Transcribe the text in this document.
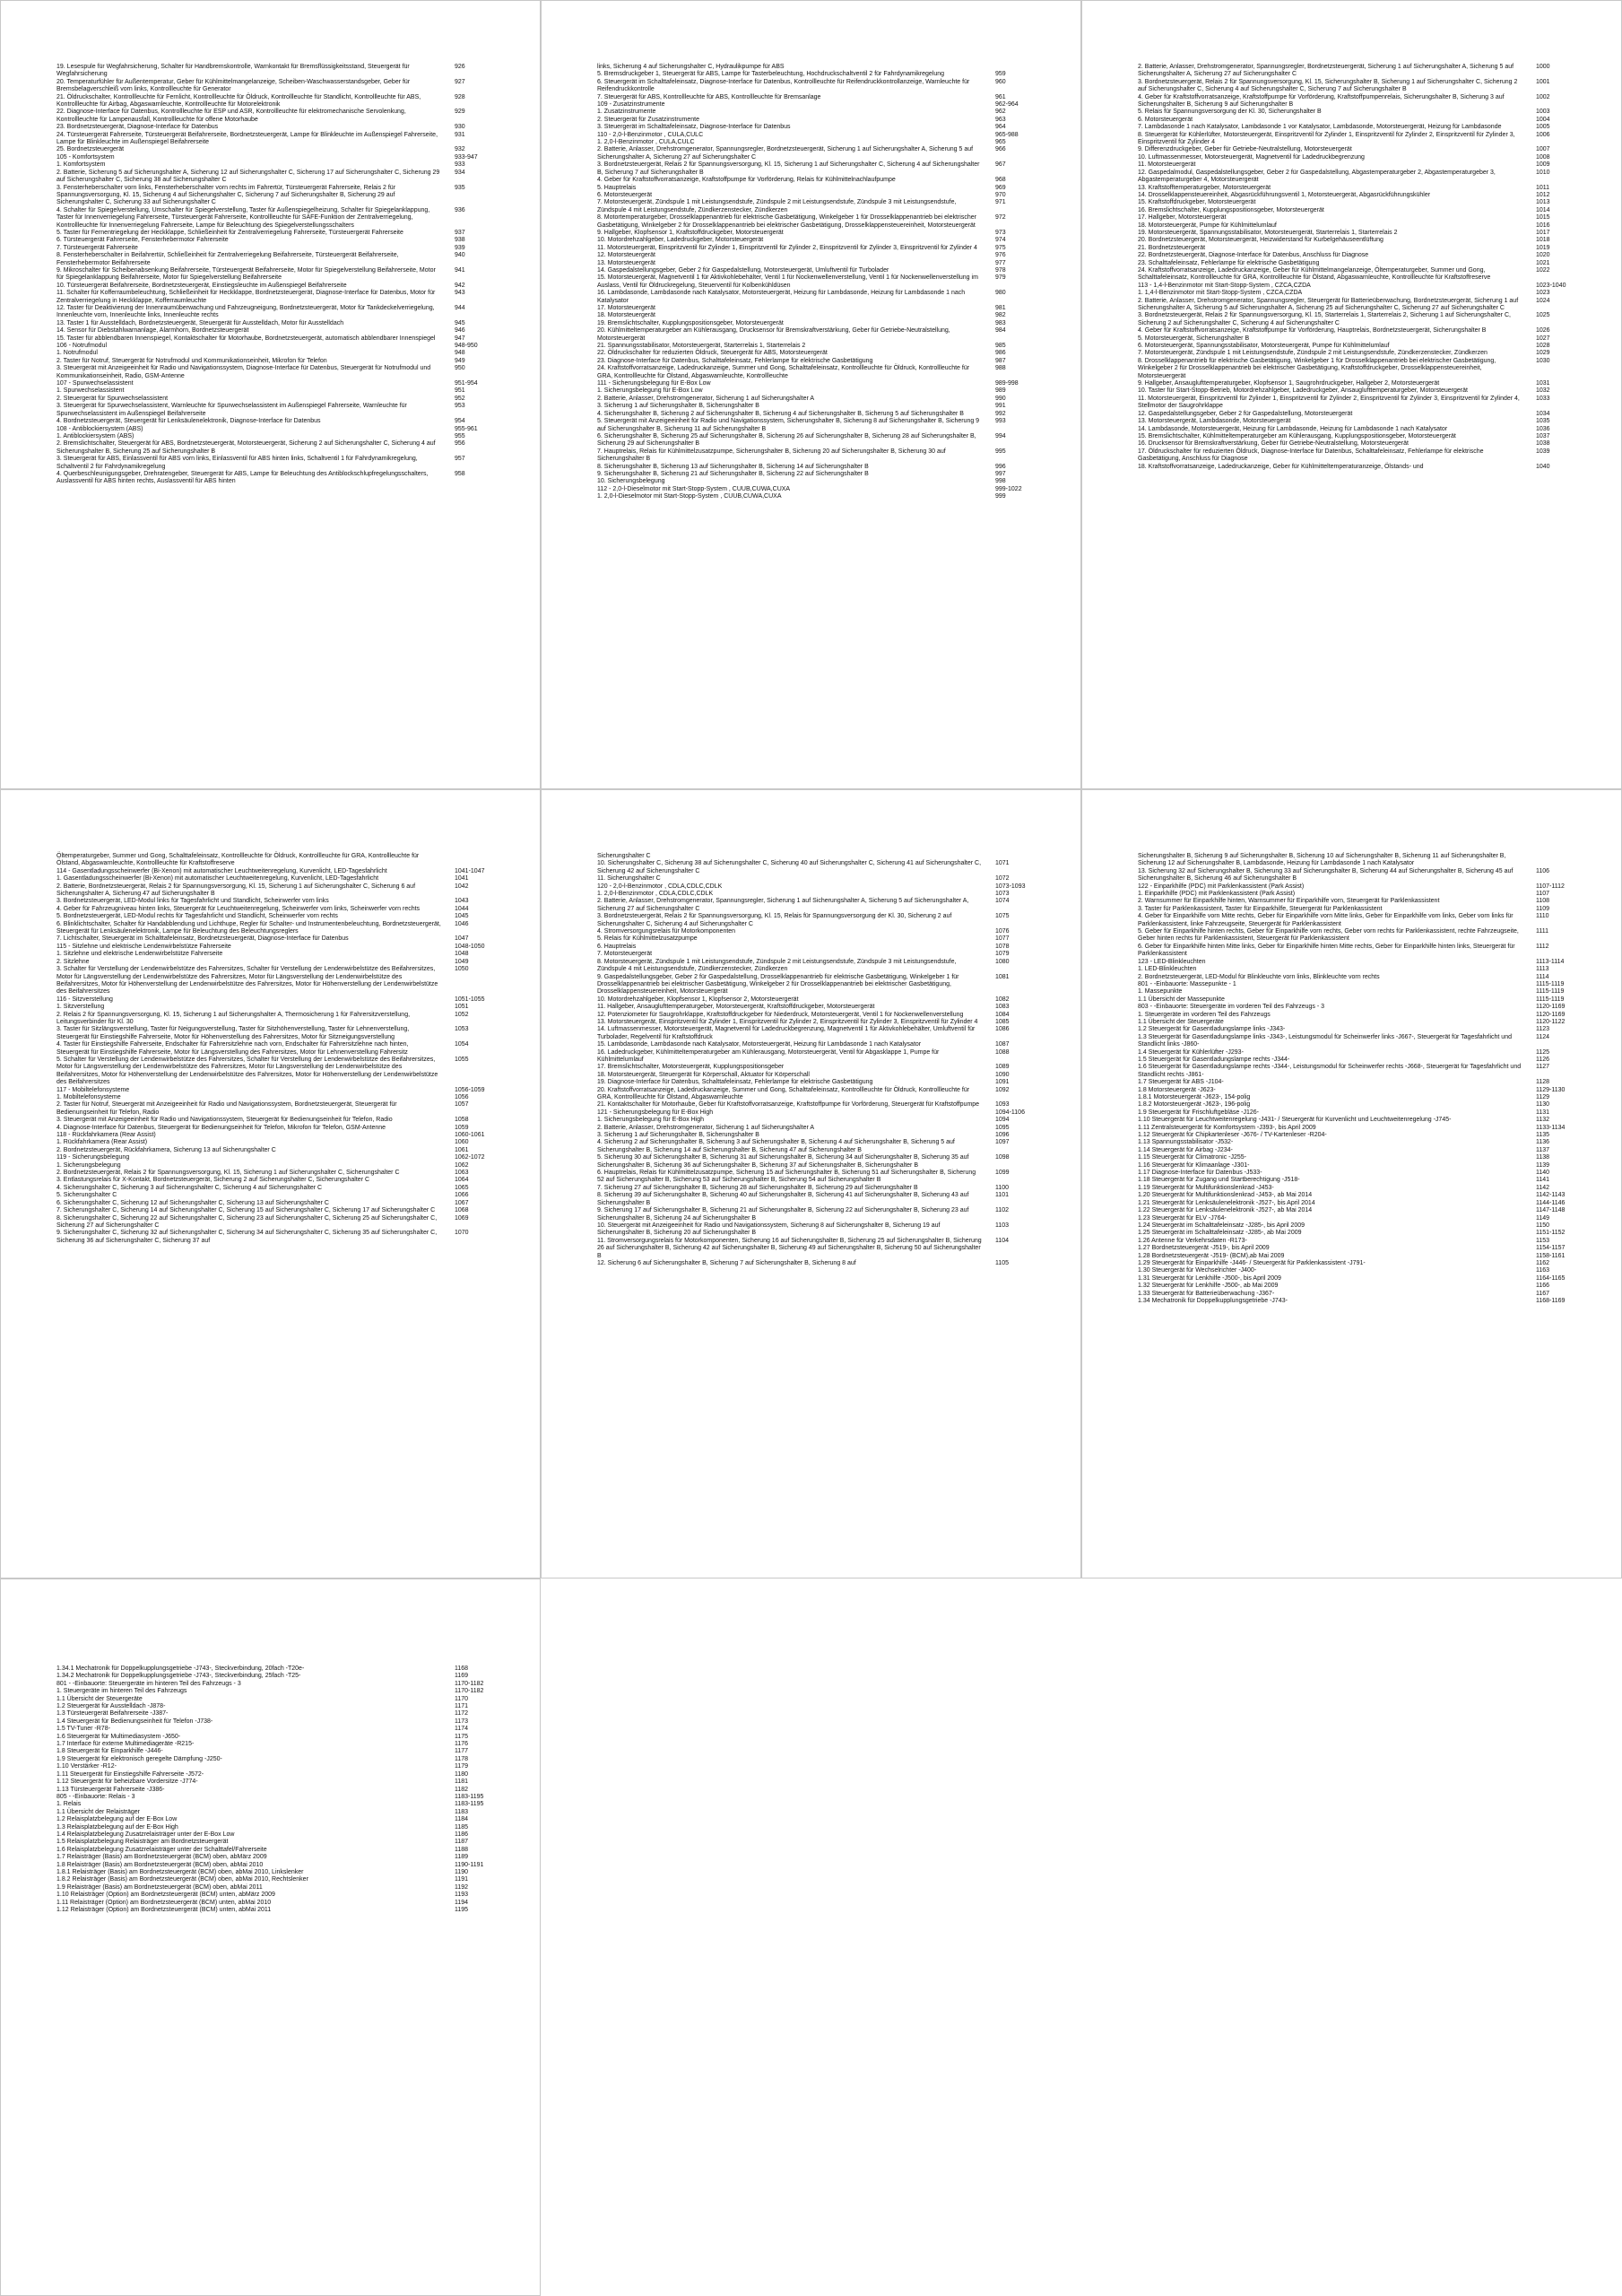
19. Lesespule für Wegfahrsicherung, Schalter für Handbremskontrolle, Warnkontakt für Bremsflüssigkeitsstand, Steuergerät für Wegfahrsicherung
926
20. Temperaturfühler für Außentemperatur, Geber für Kühlmittelmangelanzeige, Scheiben-Waschwasserstandsgeber, Geber für Bremsbelagverschleiß vorn links, Kontrollleuchte für Generator
927
21. Öldruckschalter, Kontrollleuchte für Fernlicht, Kontrollleuchte für Öldruck, Kontrollleuchte für Standlicht, Kontrollleuchte für ABS, Kontrollleuchte für Airbag, Abgaswarnleuchte, Kontrollleuchte für Motorelektronik
928
22. Diagnose-Interface für Datenbus, Kontrollleuchte für ESP und ASR, Kontrollleuchte für elektromechanische Servolenkung, Kontrollleuchte für Lampenausfall, Kontrollleuchte für offene Motorhaube
929
23. Bordnetzsteuergerät, Diagnose-Interface für Datenbus	930
24. Türsteuergerät Fahrerseite, Türsteuergerät Beifahrerseite, Bordnetzsteuergerät, Lampe für Blinkleuchte im Außenspiegel Fahrerseite, Lampe für Blinkleuchte im Außenspiegel Beifahrerseite
931
25. Bordnetzsteuergerät	932
105 - Komfortsystem	933-947
1. Komfortsystem	933
2. Batterie, Sicherung 5 auf Sicherungshalter A, Sicherung 12 auf Sicherungshalter C, Sicherung 17 auf Sicherungshalter C, Sicherung 29 auf Sicherungshalter C, Sicherung 38 auf Sicherungshalter C
934
3. Fensterheberschalter vorn links, Fensterheberschalter vorn rechts im Fahrertür, Türsteuergerät Fahrerseite, Relais 2 für Spannungsversorgung, Kl. 15, Sicherung 4 auf Sicherungshalter C, Sicherung 7 auf Sicherungshalter B, Sicherung 29 auf Sicherungshalter C, Sicherung 33 auf Sicherungshalter C
935
4. Schalter für Spiegelverstellung, Umschalter für Spiegelverstellung, Taster für Außenspiegelheizung, Schalter für Spiegelanklappung, Taster für Innenverriegelung Fahrerseite, Türsteuergerät Fahrerseite, Kontrollleuchte für SAFE-Funktion der Zentralverriegelung, Kontrollleuchte für Innenverriegelung Fahrerseite, Lampe für Beleuchtung des Spiegelverstellungsschalters
936
5. Taster für Fernentriegelung der Heckklappe, Schließeinheit für Zentralverriegelung Fahrerseite, Türsteuergerät Fahrerseite	937
6. Türsteuergerät Fahrerseite, Fensterhebermotor Fahrerseite	938
7. Türsteuergerät Fahrerseite	939
8. Fensterheberschalter in Beifahrertür, Schließeinheit für Zentralverriegelung Beifahrerseite, Türsteuergerät Beifahrerseite, Fensterhebermotor Beifahrerseite
940
9. Mikroschalter für Scheibenabsenkung Beifahrerseite, Türsteuergerät Beifahrerseite, Motor für Spiegelverstellung Beifahrerseite, Motor für Spiegelanklappung Beifahrerseite, Motor für Spiegelverstellung Beifahrerseite
941
10. Türsteuergerät Beifahrerseite, Bordnetzsteuergerät, Einstiegsleuchte im Außenspiegel Beifahrerseite	942
11. Schalter für Kofferraumbeleuchtung, Schließeinheit für Heckklappe, Bordnetzsteuergerät, Diagnose-Interface für Datenbus, Motor für Zentralverriegelung in Heckklappe, Kofferraumleuchte
943
12. Taster für Deaktivierung der Innenraumüberwachung und Fahrzeugneigung, Bordnetzsteuergerät, Motor für Tankdeckelverriegelung, Innenleuchte vorn, Innenleuchte links, Innenleuchte rechts
944
13. Taster 1 für Ausstelldach, Bordnetzsteuergerät, Steuergerät für Ausstelldach, Motor für Ausstelldach	945
14. Sensor für Diebstahlwarnanlage, Alarmhorn, Bordnetzsteuergerät	946
15. Taster für abblendbaren Innenspiegel, Kontaktschalter für Motorhaube, Bordnetzsteuergerät, automatisch abblendbarer Innenspiegel	947
106 - Notrufmodul	948-950
1. Notrufmodul	948
2. Taster für Notruf, Steuergerät für Notrufmodul und Kommunikationseinheit, Mikrofon für Telefon	949
3. Steuergerät mit Anzeigeeinheit für Radio und Navigationssystem, Diagnose-Interface für Datenbus, Steuergerät für Notrufmodul und Kommunikationseinheit, Radio, GSM-Antenne
950
107 - Spurwechselassistent	951-954
1. Spurwechselassistent	951
2. Steuergerät für Spurwechselassistent	952
3. Steuergerät für Spurwechselassistent, Warnleuchte für Spurwechselassistent im Außenspiegel Fahrerseite, Warnleuchte für Spurwechselassistent im Außenspiegel Beifahrerseite
953
4. Bordnetzsteuergerät, Steuergerät für Lenksäulenelektronik, Diagnose-Interface für Datenbus	954
108 - Antiblockiersystem (ABS)	955-961
1. Antiblockiersystem (ABS)	955
2. Bremslichtschalter, Steuergerät für ABS, Bordnetzsteuergerät, Motorsteuergerät, Sicherung 2 auf Sicherungshalter C, Sicherung 4 auf Sicherungshalter B, Sicherung 25 auf Sicherungshalter B
956
3. Steuergerät für ABS, Einlassventil für ABS vorn links, Einlassventil für ABS hinten links, Schaltventil 1 für Fahrdynamikregelung, Schaltventil 2 für Fahrdynamikregelung
957
4. Querbeschleunigungsgeber, Drehratengeber, Steuergerät für ABS, Lampe für Beleuchtung des Antiblockschlupfregelungsschalters, Auslassventil für ABS hinten rechts, Auslassventil für ABS hinten
958
links, Sicherung 4 auf Sicherungshalter C, Hydraulikpumpe für ABS
5. Bremsdruckgeber 1, Steuergerät für ABS, Lampe für Tasterbeleuchtung, Hochdruckschaltventil 2 für Fahrdynamikregelung	959
6. Steuergerät im Schalttafeleinsatz, Diagnose-Interface für Datenbus, Kontrollleuchte für Reifendruckkontrollanzeige, Warnleuchte für Reifendruckkontrolle
960
7. Steuergerät für ABS, Kontrollleuchte für ABS, Kontrollleuchte für Bremsanlage	961
109 - Zusatzinstrumente	962-964
1. Zusatzinstrumente	962
2. Steuergerät für Zusatzinstrumente	963
3. Steuergerät im Schalttafeleinsatz, Diagnose-Interface für Datenbus	964
110 - 2,0-l-Benzinmotor , CULA,CULC	965-988
1. 2,0-l-Benzinmotor , CULA,CULC	965
2. Batterie, Anlasser, Drehstromgenerator, Spannungsregler, Bordnetzsteuergerät, Sicherung 1 auf Sicherungshalter A, Sicherung 5 auf Sicherungshalter A, Sicherung 27 auf Sicherungshalter C
966
3. Bordnetzsteuergerät, Relais 2 für Spannungsversorgung, Kl. 15, Sicherung 1 auf Sicherungshalter C, Sicherung 4 auf Sicherungshalter B, Sicherung 7 auf Sicherungshalter B
967
4. Geber für Kraftstoffvorratsanzeige, Kraftstoffpumpe für Vorförderung, Relais für Kühlmittelnachlaufpumpe	968
5. Hauptrelais	969
6. Motorsteuergerät	970
7. Motorsteuergerät, Zündspule 1 mit Leistungsendstufe, Zündspule 2 mit Leistungsendstufe, Zündspule 3 mit Leistungsendstufe, Zündspule 4 mit Leistungsendstufe, Zündkerzenstecker, Zündkerzen
971
8. Motortemperaturgeber, Drosselklappenantrieb für elektrische Gasbetätigung, Winkelgeber 1 für Drosselklappenantrieb bei elektrischer Gasbetätigung, Winkelgeber 2 für Drosselklappenantrieb bei elektrischer Gasbetätigung, Drosselklappensteuereinheit, Motorsteuergerät
972
9. Hallgeber, Klopfsensor 1, Kraftstoffdruckgeber, Motorsteuergerät	973
10. Motordrehzahlgeber, Ladedruckgeber, Motorsteuergerät	974
11. Motorsteuergerät, Einspritzventil für Zylinder 1, Einspritzventil für Zylinder 2, Einspritzventil für Zylinder 3, Einspritzventil für Zylinder 4	975
12. Motorsteuergerät	976
13. Motorsteuergerät	977
14. Gaspedalstellungsgeber, Geber 2 für Gaspedalstellung, Motorsteuergerät, Umluftventil für Turbolader	978
15. Motorsteuergerät, Magnetventil 1 für Aktivkohlebehälter, Ventil 1 für Nockenwellenverstellung, Ventil 1 für Nockenwellenverstellung im Auslass, Ventil für Öldruckregelung, Steuerventil für Kolbenkühldüsen
979
16. Lambdasonde, Lambdasonde nach Katalysator, Motorsteuergerät, Heizung für Lambdasonde, Heizung für Lambdasonde 1 nach Katalysator
980
17. Motorsteuergerät	981
18. Motorsteuergerät	982
19. Bremslichtschalter, Kupplungspositionsgeber, Motorsteuergerät	983
20. Kühlmitteltemperaturgeber am Kühlerausgang, Drucksensor für Bremskraftverstärkung, Geber für Getriebe-Neutralstellung, Motorsteuergerät
984
21. Spannungsstabilisator, Motorsteuergerät, Starterrelais 1, Starterrelais 2	985
22. Öldruckschalter für reduzierten Öldruck, Steuergerät für ABS, Motorsteuergerät	986
23. Diagnose-Interface für Datenbus, Schalttafeleinsatz, Fehlerlampe für elektrische Gasbetätigung	987
24. Kraftstoffvorratsanzeige, Ladedruckanzeige, Summer und Gong, Schalttafeleinsatz, Kontrollleuchte für Öldruck, Kontrollleuchte für GRA, Kontrollleuchte für Ölstand, Abgaswarnleuchte, Kontrollleuchte
988
111 - Sicherungsbelegung für E-Box Low	989-998
1. Sicherungsbelegung für E-Box Low	989
2. Batterie, Anlasser, Drehstromgenerator, Sicherung 1 auf Sicherungshalter A	990
3. Sicherung 1 auf Sicherungshalter B, Sicherungshalter B	991
4. Sicherungshalter B, Sicherung 2 auf Sicherungshalter B, Sicherung 4 auf Sicherungshalter B, Sicherung 5 auf Sicherungshalter B	992
5. Steuergerät mit Anzeigeeinheit für Radio und Navigationssystem, Sicherungshalter B, Sicherung 8 auf Sicherungshalter B, Sicherung 9 auf Sicherungshalter B, Sicherung 11 auf Sicherungshalter B
993
6. Sicherungshalter B, Sicherung 25 auf Sicherungshalter B, Sicherung 26 auf Sicherungshalter B, Sicherung 28 auf Sicherungshalter B, Sicherung 29 auf Sicherungshalter B
994
7. Hauptrelais, Relais für Kühlmittelzusatzpumpe, Sicherungshalter B, Sicherung 20 auf Sicherungshalter B, Sicherung 30 auf Sicherungshalter B
995
8. Sicherungshalter B, Sicherung 13 auf Sicherungshalter B, Sicherung 14 auf Sicherungshalter B	996
9. Sicherungshalter B, Sicherung 21 auf Sicherungshalter B, Sicherung 22 auf Sicherungshalter B	997
10. Sicherungsbelegung	998
112 - 2,0-l-Dieselmotor mit Start-Stopp-System , CUUB,CUWA,CUXA	999-1022
1. 2,0-l-Dieselmotor mit Start-Stopp-System , CUUB,CUWA,CUXA	999
2. Batterie, Anlasser, Drehstromgenerator, Spannungsregler, Bordnetzsteuergerät, Sicherung 1 auf Sicherungshalter A, Sicherung 5 auf Sicherungshalter A, Sicherung 27 auf Sicherungshalter C
1000
3. Bordnetzsteuergerät, Relais 2 für Spannungsversorgung, Kl. 15, Sicherungshalter B, Sicherung 1 auf Sicherungshalter C, Sicherung 2 auf Sicherungshalter C, Sicherung 4 auf Sicherungshalter C, Sicherung 7 auf Sicherungshalter B
1001
4. Geber für Kraftstoffvorratsanzeige, Kraftstoffpumpe für Vorförderung, Kraftstoffpumpenrelais, Sicherungshalter B, Sicherung 3 auf Sicherungshalter B, Sicherung 9 auf Sicherungshalter B
1002
5. Relais für Spannungsversorgung der Kl. 30, Sicherungshalter B	1003
6. Motorsteuergerät	1004
7. Lambdasonde 1 nach Katalysator, Lambdasonde 1 vor Katalysator, Lambdasonde, Motorsteuergerät, Heizung für Lambdasonde	1005
8. Steuergerät für Kühlerlüfter, Motorsteuergerät, Einspritzventil für Zylinder 1, Einspritzventil für Zylinder 2, Einspritzventil für Zylinder 3, Einspritzventil für Zylinder 4
1006
9. Differenzdruckgeber, Geber für Getriebe-Neutralstellung, Motorsteuergerät	1007
10. Luftmassenmesser, Motorsteuergerät, Magnetventil für Ladedruckbegrenzung	1008
11. Motorsteuergerät	1009
12. Gaspedalmodul, Gaspedalstellungsgeber, Geber 2 für Gaspedalstellung, Abgastemperaturgeber 2, Abgastemperaturgeber 3, Abgastemperaturgeber 4, Motorsteuergerät
1010
13. Kraftstofftemperaturgeber, Motorsteuergerät	1011
14. Drosselklappensteuereinheit, Abgasrückführungsventil 1, Motorsteuergerät, Abgasrückführungskühler	1012
15. Kraftstoffdruckgeber, Motorsteuergerät	1013
16. Bremslichtschalter, Kupplungspositionsgeber, Motorsteuergerät	1014
17. Hallgeber, Motorsteuergerät	1015
18. Motorsteuergerät, Pumpe für Kühlmittelumlauf	1016
19. Motorsteuergerät, Spannungsstabilisator, Motorsteuergerät, Starterrelais 1, Starterrelais 2	1017
20. Bordnetzsteuergerät, Motorsteuergerät, Heizwiderstand für Kurbelgehäuseentlüftung	1018
21. Bordnetzsteuergerät	1019
22. Bordnetzsteuergerät, Diagnose-Interface für Datenbus, Anschluss für Diagnose	1020
23. Schalttafeleinsatz, Fehlerlampe für elektrische Gasbetätigung	1021
24. Kraftstoffvorratsanzeige, Ladedruckanzeige, Geber für Kühlmittelmangelanzeige, Öltemperaturgeber, Summer und Gong, Schalttafeleinsatz, Kontrollleuchte für GRA, Kontrollleuchte für Ölstand, Abgaswarnleuchte, Kontrollleuchte für Kraftstoffreserve
1022
113 - 1,4-l-Benzinmotor mit Start-Stopp-System , CZCA,CZDA	1023-1040
1. 1,4-l-Benzinmotor mit Start-Stopp-System , CZCA,CZDA	1023
2. Batterie, Anlasser, Drehstromgenerator, Spannungsregler, Steuergerät für Batterieüberwachung, Bordnetzsteuergerät, Sicherung 1 auf Sicherungshalter A, Sicherung 5 auf Sicherungshalter A, Sicherung 25 auf Sicherungshalter C, Sicherung 27 auf Sicherungshalter C
1024
3. Bordnetzsteuergerät, Relais 2 für Spannungsversorgung, Kl. 15, Starterrelais 1, Starterrelais 2, Sicherung 1 auf Sicherungshalter C, Sicherung 2 auf Sicherungshalter C, Sicherung 4 auf Sicherungshalter C
1025
4. Geber für Kraftstoffvorratsanzeige, Kraftstoffpumpe für Vorförderung, Hauptrelais, Bordnetzsteuergerät, Sicherungshalter B	1026
5. Motorsteuergerät, Sicherungshalter B	1027
6. Motorsteuergerät, Spannungsstabilisator, Motorsteuergerät, Pumpe für Kühlmittelumlauf	1028
7. Motorsteuergerät, Zündspule 1 mit Leistungsendstufe, Zündspule 2 mit Leistungsendstufe, Zündkerzenstecker, Zündkerzen	1029
8. Drosselklappenantrieb für elektrische Gasbetätigung, Winkelgeber 1 für Drosselklappenantrieb bei elektrischer Gasbetätigung, Winkelgeber 2 für Drosselklappenantrieb bei elektrischer Gasbetätigung, Kraftstoffdruckgeber, Drosselklappensteuereinheit, Motorsteuergerät
1030
9. Hallgeber, Ansauglufttemperaturgeber, Klopfsensor 1, Saugrohrdruckgeber, Hallgeber 2, Motorsteuergerät	1031
10. Taster für Start-Stopp-Betrieb, Motordrehzahlgeber, Ladedruckgeber, Ansauglufttemperaturgeber, Motorsteuergerät	1032
11. Motorsteuergerät, Einspritzventil für Zylinder 1, Einspritzventil für Zylinder 2, Einspritzventil für Zylinder 3, Einspritzventil für Zylinder 4, Stellmotor der Saugrohrklappe
1033
12. Gaspedalstellungsgeber, Geber 2 für Gaspedalstellung, Motorsteuergerät	1034
13. Motorsteuergerät, Lambdasonde, Motorsteuergerät	1035
14. Lambdasonde, Motorsteuergerät, Heizung für Lambdasonde, Heizung für Lambdasonde 1 nach Katalysator	1036
15. Bremslichtschalter, Kühlmitteltemperaturgeber am Kühlerausgang, Kupplungspositionsgeber, Motorsteuergerät	1037
16. Drucksensor für Bremskraftverstärkung, Geber für Getriebe-Neutralstellung, Motorsteuergerät	1038
17. Öldruckschalter für reduzierten Öldruck, Diagnose-Interface für Datenbus, Schalttafeleinsatz, Fehlerlampe für elektrische Gasbetätigung, Anschluss für Diagnose
1039
18. Kraftstoffvorratsanzeige, Ladedruckanzeige, Geber für Kühlmitteltemperaturanzeige, Ölstands- und	1040
Öltemperaturgeber, Summer und Gong, Schalttafeleinsatz, Kontrollleuchte für Öldruck, Kontrollleuchte für GRA, Kontrollleuchte für Ölstand, Abgaswarnleuchte, Kontrollleuchte für Kraftstoffreserve
114 - Gasentladungsscheinwerfer (Bi-Xenon) mit automatischer Leuchtweitenregelung, Kurvenlicht, LED-Tagesfahrlicht	1041-1047
1. Gasentladungsscheinwerfer (Bi-Xenon) mit automatischer Leuchtweitenregelung, Kurvenlicht, LED-Tagesfahrlicht	1041
2. Batterie, Bordnetzsteuergerät, Relais 2 für Spannungsversorgung, Kl. 15, Sicherung 1 auf Sicherungshalter C, Sicherung 6 auf Sicherungshalter A, Sicherung 47 auf Sicherungshalter B
1042
3. Bordnetzsteuergerät, LED-Modul links für Tagesfahrlicht und Standlicht, Scheinwerfer vorn links	1043
4. Geber für Fahrzeugniveau hinten links, Steuergerät für Leuchtweitenregelung, Scheinwerfer vorn links, Scheinwerfer vorn rechts	1044
5. Bordnetzsteuergerät, LED-Modul rechts für Tagesfahrlicht und Standlicht, Scheinwerfer vorn rechts	1045
6. Blinklichtschalter, Schalter für Handabblendung und Lichthupe, Regler für Schalter- und Instrumentenbeleuchtung, Bordnetzsteuergerät, Steuergerät für Lenksäulenelektronik, Lampe für Beleuchtung des Beleuchtungsreglers
1046
7. Lichtschalter, Steuergerät im Schalttafeleinsatz, Bordnetzsteuergerät, Diagnose-Interface für Datenbus	1047
115 - Sitzlehne und elektrische Lendenwirbelstütze Fahrerseite	1048-1050
1. Sitzlehne und elektrische Lendenwirbelstütze Fahrerseite	1048
2. Sitzlehne	1049
3. Schalter für Verstellung der Lendenwirbelstütze des Fahrersitzes, Schalter für Verstellung der Lendenwirbelstütze des Beifahrersitzes, Motor für Längsverstellung der Lendenwirbelstütze des Fahrersitzes, Motor für Längsverstellung der Lendenwirbelstütze des Beifahrersitzes, Motor für Höhenverstellung der Lendenwirbelstütze des Fahrersitzes, Motor für Höhenverstellung der Lendenwirbelstütze des Beifahrersitzes
1050
116 - Sitzverstellung	1051-1055
1. Sitzverstellung	1051
2. Relais 2 für Spannungsversorgung, Kl. 15, Sicherung 1 auf Sicherungshalter A, Thermosicherung 1 für Fahrersitzverstellung, Leitungsverbinder für Kl. 30
1052
3. Taster für Sitzlängsverstellung, Taster für Neigungsverstellung, Taster für Sitzhöhenverstellung, Taster für Lehnenverstellung, Steuergerät für Einstiegshilfe Fahrerseite, Motor für Höhenverstellung des Fahrersitzes, Motor für Sitzneigungsverstellung
1053
4. Taster für Einstiegshilfe Fahrerseite, Endschalter für Fahrersitzlehne nach vorn, Endschalter für Fahrersitzlehne nach hinten, Steuergerät für Einstiegshilfe Fahrerseite, Motor für Längsverstellung des Fahrersitzes, Motor für Lehnenverstellung Fahrersitz
1054
5. Schalter für Verstellung der Lendenwirbelstütze des Fahrersitzes, Schalter für Verstellung der Lendenwirbelstütze des Beifahrersitzes, Motor für Längsverstellung der Lendenwirbelstütze des Fahrersitzes, Motor für Längsverstellung der Lendenwirbelstütze des Beifahrersitzes, Motor für Höhenverstellung der Lendenwirbelstütze des Fahrersitzes, Motor für Höhenverstellung der Lendenwirbelstütze des Beifahrersitzes
1055
117 - Mobiltelefonsysteme	1056-1059
1. Mobiltelefonsysteme	1056
2. Taster für Notruf, Steuergerät mit Anzeigeeinheit für Radio und Navigationssystem, Bordnetzsteuergerät, Steuergerät für Bedienungseinheit für Telefon, Radio
1057
3. Steuergerät mit Anzeigeeinheit für Radio und Navigationssystem, Steuergerät für Bedienungseinheit für Telefon, Radio	1058
4. Diagnose-Interface für Datenbus, Steuergerät für Bedienungseinheit für Telefon, Mikrofon für Telefon, GSM-Antenne	1059
118 - Rückfahrkamera (Rear Assist)	1060-1061
1. Rückfahrkamera (Rear Assist)	1060
2. Bordnetzsteuergerät, Rückfahrkamera, Sicherung 13 auf Sicherungshalter C	1061
119 - Sicherungsbelegung	1062-1072
1. Sicherungsbelegung	1062
2. Bordnetzsteuergerät, Relais 2 für Spannungsversorgung, Kl. 15, Sicherung 1 auf Sicherungshalter C, Sicherungshalter C	1063
3. Entlastungsrelais für X-Kontakt, Bordnetzsteuergerät, Sicherung 2 auf Sicherungshalter C, Sicherungshalter C	1064
4. Sicherungshalter C, Sicherung 3 auf Sicherungshalter C, Sicherung 4 auf Sicherungshalter C	1065
5. Sicherungshalter C	1066
6. Sicherungshalter C, Sicherung 12 auf Sicherungshalter C, Sicherung 13 auf Sicherungshalter C	1067
7. Sicherungshalter C, Sicherung 14 auf Sicherungshalter C, Sicherung 15 auf Sicherungshalter C, Sicherung 17 auf Sicherungshalter C	1068
8. Sicherungshalter C, Sicherung 22 auf Sicherungshalter C, Sicherung 23 auf Sicherungshalter C, Sicherung 25 auf Sicherungshalter C, Sicherung 27 auf Sicherungshalter C
1069
9. Sicherungshalter C, Sicherung 32 auf Sicherungshalter C, Sicherung 34 auf Sicherungshalter C, Sicherung 35 auf Sicherungshalter C, Sicherung 36 auf Sicherungshalter C, Sicherung 37 auf
1070
Sicherungshalter C
10. Sicherungshalter C, Sicherung 38 auf Sicherungshalter C, Sicherung 40 auf Sicherungshalter C, Sicherung 41 auf Sicherungshalter C, Sicherung 42 auf Sicherungshalter C
1071
11. Sicherungshalter C	1072
120 - 2,0-l-Benzinmotor , CDLA,CDLC,CDLK	1073-1093
1. 2,0-l-Benzinmotor , CDLA,CDLC,CDLK	1073
2. Batterie, Anlasser, Drehstromgenerator, Spannungsregler, Sicherung 1 auf Sicherungshalter A, Sicherung 5 auf Sicherungshalter A, Sicherung 27 auf Sicherungshalter C
1074
3. Bordnetzsteuergerät, Relais 2 für Spannungsversorgung, Kl. 15, Relais für Spannungsversorgung der Kl. 30, Sicherung 2 auf Sicherungshalter C, Sicherung 4 auf Sicherungshalter C
1075
4. Stromversorgungsrelais für Motorkomponenten	1076
5. Relais für Kühlmittelzusatzpumpe	1077
6. Hauptrelais	1078
7. Motorsteuergerät	1079
8. Motorsteuergerät, Zündspule 1 mit Leistungsendstufe, Zündspule 2 mit Leistungsendstufe, Zündspule 3 mit Leistungsendstufe, Zündspule 4 mit Leistungsendstufe, Zündkerzenstecker, Zündkerzen
1080
9. Gaspedalstellungsgeber, Geber 2 für Gaspedalstellung, Drosselklappenantrieb für elektrische Gasbetätigung, Winkelgeber 1 für Drosselklappenantrieb bei elektrischer Gasbetätigung, Winkelgeber 2 für Drosselklappenantrieb bei elektrischer Gasbetätigung, Drosselklappensteuereinheit, Motorsteuergerät
1081
10. Motordrehzahlgeber, Klopfsensor 1, Klopfsensor 2, Motorsteuergerät	1082
11. Hallgeber, Ansauglufttemperaturgeber, Motorsteuergerät, Kraftstoffdruckgeber, Motorsteuergerät	1083
12. Potenziometer für Saugrohrklappe, Kraftstoffdruckgeber für Niederdruck, Motorsteuergerät, Ventil 1 für Nockenwellenverstellung	1084
13. Motorsteuergerät, Einspritzventil für Zylinder 1, Einspritzventil für Zylinder 2, Einspritzventil für Zylinder 3, Einspritzventil für Zylinder 4	1085
14. Luftmassenmesser, Motorsteuergerät, Magnetventil für Ladedruckbegrenzung, Magnetventil 1 für Aktivkohlebehälter, Umluftventil für Turbolader, Regelventil für Kraftstoffdruck
1086
15. Lambdasonde, Lambdasonde nach Katalysator, Motorsteuergerät, Heizung für Lambdasonde 1 nach Katalysator	1087
16. Ladedruckgeber, Kühlmitteltemperaturgeber am Kühlerausgang, Motorsteuergerät, Ventil für Abgasklappe 1, Pumpe für Kühlmittelumlauf
1088
17. Bremslichtschalter, Motorsteuergerät, Kupplungspositionsgeber	1089
18. Motorsteuergerät, Steuergerät für Körperschall, Aktuator für Körperschall	1090
19. Diagnose-Interface für Datenbus, Schalttafeleinsatz, Fehlerlampe für elektrische Gasbetätigung	1091
20. Kraftstoffvorratsanzeige, Ladedruckanzeige, Summer und Gong, Schalttafeleinsatz, Kontrollleuchte für Öldruck, Kontrollleuchte für GRA, Kontrollleuchte für Ölstand, Abgaswarnleuchte
1092
21. Kontaktschalter für Motorhaube, Geber für Kraftstoffvorratsanzeige, Kraftstoffpumpe für Vorförderung, Steuergerät für Kraftstoffpumpe	1093
121 - Sicherungsbelegung für E-Box High	1094-1106
1. Sicherungsbelegung für E-Box High	1094
2. Batterie, Anlasser, Drehstromgenerator, Sicherung 1 auf Sicherungshalter A	1095
3. Sicherung 1 auf Sicherungshalter B, Sicherungshalter B	1096
4. Sicherung 2 auf Sicherungshalter B, Sicherung 3 auf Sicherungshalter B, Sicherung 4 auf Sicherungshalter B, Sicherung 5 auf Sicherungshalter B, Sicherung 14 auf Sicherungshalter B, Sicherung 47 auf Sicherungshalter B
1097
5. Sicherung 30 auf Sicherungshalter B, Sicherung 31 auf Sicherungshalter B, Sicherung 34 auf Sicherungshalter B, Sicherung 35 auf Sicherungshalter B, Sicherung 36 auf Sicherungshalter B, Sicherung 37 auf Sicherungshalter B, Sicherungshalter B
1098
6. Hauptrelais, Relais für Kühlmittelzusatzpumpe, Sicherung 15 auf Sicherungshalter B, Sicherung 51 auf Sicherungshalter B, Sicherung 52 auf Sicherungshalter B, Sicherung 53 auf Sicherungshalter B, Sicherung 54 auf Sicherungshalter B
1099
7. Sicherung 27 auf Sicherungshalter B, Sicherung 28 auf Sicherungshalter B, Sicherung 29 auf Sicherungshalter B	1100
8. Sicherung 39 auf Sicherungshalter B, Sicherung 40 auf Sicherungshalter B, Sicherung 41 auf Sicherungshalter B, Sicherung 43 auf Sicherungshalter B
1101
9. Sicherung 17 auf Sicherungshalter B, Sicherung 21 auf Sicherungshalter B, Sicherung 22 auf Sicherungshalter B, Sicherung 23 auf Sicherungshalter B, Sicherung 24 auf Sicherungshalter B
1102
10. Steuergerät mit Anzeigeeinheit für Radio und Navigationssystem, Sicherung 8 auf Sicherungshalter B, Sicherung 19 auf Sicherungshalter B, Sicherung 20 auf Sicherungshalter B
1103
11. Stromversorgungsrelais für Motorkomponenten, Sicherung 16 auf Sicherungshalter B, Sicherung 25 auf Sicherungshalter B, Sicherung 26 auf Sicherungshalter B, Sicherung 42 auf Sicherungshalter B, Sicherung 49 auf Sicherungshalter B, Sicherung 50 auf Sicherungshalter B
1104
12. Sicherung 6 auf Sicherungshalter B, Sicherung 7 auf Sicherungshalter B, Sicherung 8 auf	1105
Sicherungshalter B, Sicherung 9 auf Sicherungshalter B, Sicherung 10 auf Sicherungshalter B, Sicherung 11 auf Sicherungshalter B, Sicherung 12 auf Sicherungshalter B, Lambdasonde, Heizung für Lambdasonde 1 nach Katalysator
13. Sicherung 32 auf Sicherungshalter B, Sicherung 33 auf Sicherungshalter B, Sicherung 44 auf Sicherungshalter B, Sicherung 45 auf Sicherungshalter B, Sicherung 46 auf Sicherungshalter B
1106
122 - Einparkhilfe (PDC) mit Parklenkassistent (Park Assist)	1107-1112
1. Einparkhilfe (PDC) mit Parklenkassistent (Park Assist)	1107
2. Warnsummer für Einparkhilfe hinten, Warnsummer für Einparkhilfe vorn, Steuergerät für Parklenkassistent	1108
3. Taster für Parklenkassistent, Taster für Einparkhilfe, Steuergerät für Parklenkassistent	1109
4. Geber für Einparkhilfe vorn Mitte rechts, Geber für Einparkhilfe vorn Mitte links, Geber für Einparkhilfe vorn links, Geber vorn links für Parklenkassistent, linke Fahrzeugseite, Steuergerät für Parklenkassistent
1110
5. Geber für Einparkhilfe hinten rechts, Geber für Einparkhilfe vorn rechts, Geber vorn rechts für Parklenkassistent, rechte Fahrzeugseite, Geber hinten rechts für Parklenkassistent, Steuergerät für Parklenkassistent
1111
6. Geber für Einparkhilfe hinten Mitte links, Geber für Einparkhilfe hinten Mitte rechts, Geber für Einparkhilfe hinten links, Steuergerät für Parklenkassistent
1112
123 - LED-Blinkleuchten	1113-1114
1. LED-Blinkleuchten	1113
2. Bordnetzsteuergerät, LED-Modul für Blinkleuchte vorn links, Blinkleuchte vorn rechts	1114
801 - -Einbauorte: Massepunkte - 1	1115-1119
1. Massepunkte	1115-1119
1.1 Übersicht der Massepunkte	1115-1119
803 - -Einbauorte: Steuergeräte im vorderen Teil des Fahrzeugs - 3	1120-1169
1. Steuergeräte im vorderen Teil des Fahrzeugs	1120-1169
1.1 Übersicht der Steuergeräte	1120-1122
1.2 Steuergerät für Gasentladungslampe links -J343-	1123
1.3 Steuergerät für Gasentladungslampe links -J343-, Leistungsmodul für Scheinwerfer links -J667-, Steuergerät für Tagesfahrlicht und Standlicht links -J860-
1124
1.4 Steuergerät für Kühlerlüfter -J293-	1125
1.5 Steuergerät für Gasentladungslampe rechts -J344-	1126
1.6 Steuergerät für Gasentladungslampe rechts -J344-, Leistungsmodul für Scheinwerfer rechts -J668-, Steuergerät für Tagesfahrlicht und Standlicht rechts -J861-
1127
1.7 Steuergerät für ABS -J104-	1128
1.8 Motorsteuergerät -J623-	1129-1130
1.8.1 Motorsteuergerät -J623-, 154-polig	1129
1.8.2 Motorsteuergerät -J623-, 196-polig	1130
1.9 Steuergerät für Frischluftgebläse -J126-	1131
1.10 Steuergerät für Leuchtweitenregelung -J431- / Steuergerät für Kurvenlicht und Leuchtweitenregelung -J745-	1132
1.11 Zentralsteuergerät für Komfortsystem -J393-, bis April 2009	1133-1134
1.12 Steuergerät für Chipkartenleser -J676- / TV-Kartenleser -R204-	1135
1.13 Spannungsstabilisator -J532-	1136
1.14 Steuergerät für Airbag -J234-	1137
1.15 Steuergerät für Climatronic -J255-	1138
1.16 Steuergerät für Klimaanlage -J301-	1139
1.17 Diagnose-Interface für Datenbus -J533-	1140
1.18 Steuergerät für Zugang und Startberechtigung -J518-	1141
1.19 Steuergerät für Multifunktionslenkrad -J453-	1142
1.20 Steuergerät für Multifunktionslenkrad -J453-, ab Mai 2014	1142-1143
1.21 Steuergerät für Lenksäulenelektronik -J527-, bis April 2014	1144-1146
1.22 Steuergerät für Lenksäulenelektronik -J527-, ab Mai 2014	1147-1148
1.23 Steuergerät für ELV -J764-	1149
1.24 Steuergerät im Schalttafeleinsatz -J285-, bis April 2009	1150
1.25 Steuergerät im Schalttafeleinsatz -J285-, ab Mai 2009	1151-1152
1.26 Antenne für Verkehrsdaten -R173-	1153
1.27 Bordnetzsteuergerät -J519-, bis April 2009	1154-1157
1.28 Bordnetzsteuergerät -J519- (BCM),ab Mai 2009	1158-1161
1.29 Steuergerät für Einparkhilfe -J446- / Steuergerät für Parklenkassistent -J791-	1162
1.30 Steuergerät für Wechselrichter -J400-	1163
1.31 Steuergerät für Lenkhilfe -J500-, bis April 2009	1164-1165
1.32 Steuergerät für Lenkhilfe -J500-, ab Mai 2009	1166
1.33 Steuergerät für Batterieüberwachung -J367-	1167
1.34 Mechatronik für Doppelkupplungsgetriebe -J743-	1168-1169
1.34.1 Mechatronik für Doppelkupplungsgetriebe -J743-, Steckverbindung, 20fach -T20e-	1168
1.34.2 Mechatronik für Doppelkupplungsgetriebe -J743-, Steckverbindung, 25fach -T25-	1169
801 - -Einbauorte: Steuergeräte im hinteren Teil des Fahrzeugs - 3	1170-1182
1. Steuergeräte im hinteren Teil des Fahrzeugs	1170-1182
1.1 Übersicht der Steuergeräte	1170
1.2 Steuergerät für Ausstelldach -J878-	1171
1.3 Türsteuergerät Beifahrerseite -J387-	1172
1.4 Steuergerät für Bedienungseinheit für Telefon -J738-	1173
1.5 TV-Tuner -R78-	1174
1.6 Steuergerät für Multimediasystem -J650-	1175
1.7 Interface für externe Multimediageräte -R215-	1176
1.8 Steuergerät für Einparkhilfe -J446-	1177
1.9 Steuergerät für elektronisch geregelte Dämpfung -J250-	1178
1.10 Verstärker -R12-	1179
1.11 Steuergerät für Einstiegshilfe Fahrerseite -J572-	1180
1.12 Steuergerät für beheizbare Vordersitze -J774-	1181
1.13 Türsteuergerät Fahrerseite -J386-	1182
805 - -Einbauorte: Relais - 3	1183-1195
1. Relais	1183-1195
1.1 Übersicht der Relaisträger	1183
1.2 Relaisplatzbelegung auf der E-Box Low	1184
1.3 Relaisplatzbelegung auf der E-Box High	1185
1.4 Relaisplatzbelegung Zusatzrelaisträger unter der E-Box Low	1186
1.5 Relaisplatzbelegung Relaisträger am Bordnetzsteuergerät	1187
1.6 Relaisplatzbelegung Zusatzrelaisträger unter der Schalttafel/Fahrerseite	1188
1.7 Relaisträger (Basis) am Bordnetzsteuergerät (BCM) oben, abMärz 2009	1189
1.8 Relaisträger (Basis) am Bordnetzsteuergerät (BCM) oben, abMai 2010	1190-1191
1.8.1 Relaisträger (Basis) am Bordnetzsteuergerät (BCM) oben, abMai 2010, Linkslenker	1190
1.8.2 Relaisträger (Basis) am Bordnetzsteuergerät (BCM) oben, abMai 2010, Rechtslenker	1191
1.9 Relaisträger (Basis) am Bordnetzsteuergerät (BCM) oben, abMai 2011	1192
1.10 Relaisträger (Option) am Bordnetzsteuergerät (BCM) unten, abMärz 2009	1193
1.11 Relaisträger (Option) am Bordnetzsteuergerät (BCM) unten, abMai 2010	1194
1.12 Relaisträger (Option) am Bordnetzsteuergerät (BCM) unten, abMai 2011	1195
